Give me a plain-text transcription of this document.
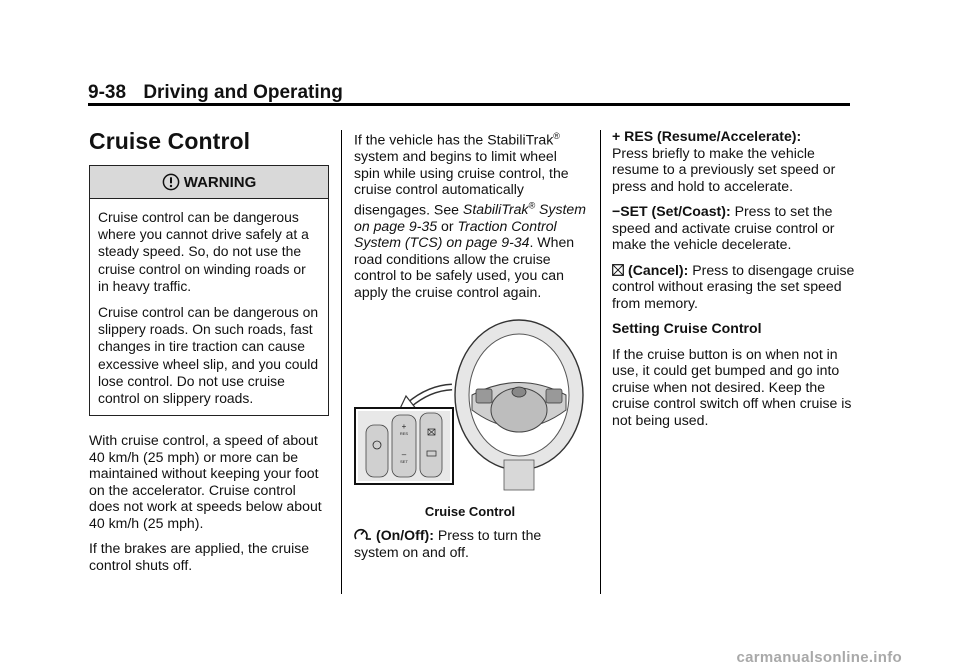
9-38 Driving and Operating
Cruise Control
WARNING

Cruise control can be dangerous where you cannot drive safely at a steady speed. So, do not use the cruise control on winding roads or in heavy traffic.

Cruise control can be dangerous on slippery roads. On such roads, fast changes in tire traction can cause excessive wheel slip, and you could lose control. Do not use cruise control on slippery roads.

With cruise control, a speed of about 40 km/h (25 mph) or more can be maintained without keeping your foot on the accelerator. Cruise control does not work at speeds below about 40 km/h (25 mph).

If the brakes are applied, the cruise control shuts off.

If the vehicle has the StabiliTrak® system and begins to limit wheel spin while using cruise control, the cruise control automatically disengages. See StabiliTrak® System on page 9-35 or Traction Control System (TCS) on page 9-34. When road conditions allow the cruise control to be safely used, you can apply the cruise control again.

+
RES
–
SET
Cruise Control

(On/Off): Press to turn the system on and off.

+ RES (Resume/Accelerate):

Press briefly to make the vehicle resume to a previously set speed or press and hold to accelerate.

−SET (Set/Coast): Press to set the speed and activate cruise control or make the vehicle decelerate.

(Cancel): Press to disengage cruise control without erasing the set speed from memory.

Setting Cruise Control

If the cruise button is on when not in use, it could get bumped and go into cruise when not desired. Keep the cruise control switch off when cruise is not being used.

carmanualsonline.info
